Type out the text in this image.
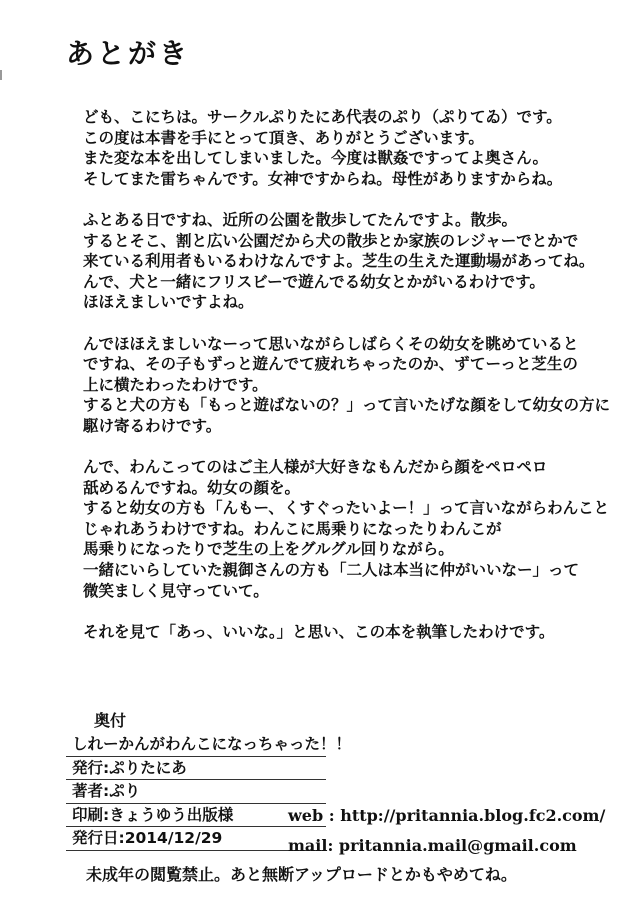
あとがき
ども、こにちは。サークルぷりたにあ代表のぷり（ぷりてゐ）です。
この度は本書を手にとって頂き、ありがとうございます。
また変な本を出してしまいました。今度は獣姦ですってよ奥さん。
そしてまた雷ちゃんです。女神ですからね。母性がありますからね。
ふとある日ですね、近所の公園を散歩してたんですよ。散歩。
するとそこ、割と広い公園だから犬の散歩とか家族のレジャーでとかで
来ている利用者もいるわけなんですよ。芝生の生えた運動場があってね。
んで、犬と一緒にフリスビーで遊んでる幼女とかがいるわけです。
ほほえましいですよね。
んでほほえましいなーって思いながらしばらくその幼女を眺めていると
ですね、その子もずっと遊んでて疲れちゃったのか、ずてーっと芝生の
上に横たわったわけです。
すると犬の方も「もっと遊ばないの？」って言いたげな顔をして幼女の方に
駆け寄るわけです。
んで、わんこってのはご主人様が大好きなもんだから顔をペロペロ
舐めるんですね。幼女の顔を。
すると幼女の方も「んもー、くすぐったいよー！」って言いながらわんこと
じゃれあうわけですね。わんこに馬乗りになったりわんこが
馬乗りになったりで芝生の上をグルグル回りながら。
一緒にいらしていた親御さんの方も「二人は本当に仲がいいなー」って
微笑ましく見守っていて。
それを見て「あっ、いいな。」と思い、この本を執筆したわけです。
奥付
しれーかんがわんこになっちゃった！！
発行:ぷりたにあ
著者:ぷり
印刷:きょうゆう出版様
発行日:2014/12/29
web : http://pritannia.blog.fc2.com/
mail: pritannia.mail@gmail.com
未成年の閲覧禁止。あと無断アップロードとかもやめてね。
